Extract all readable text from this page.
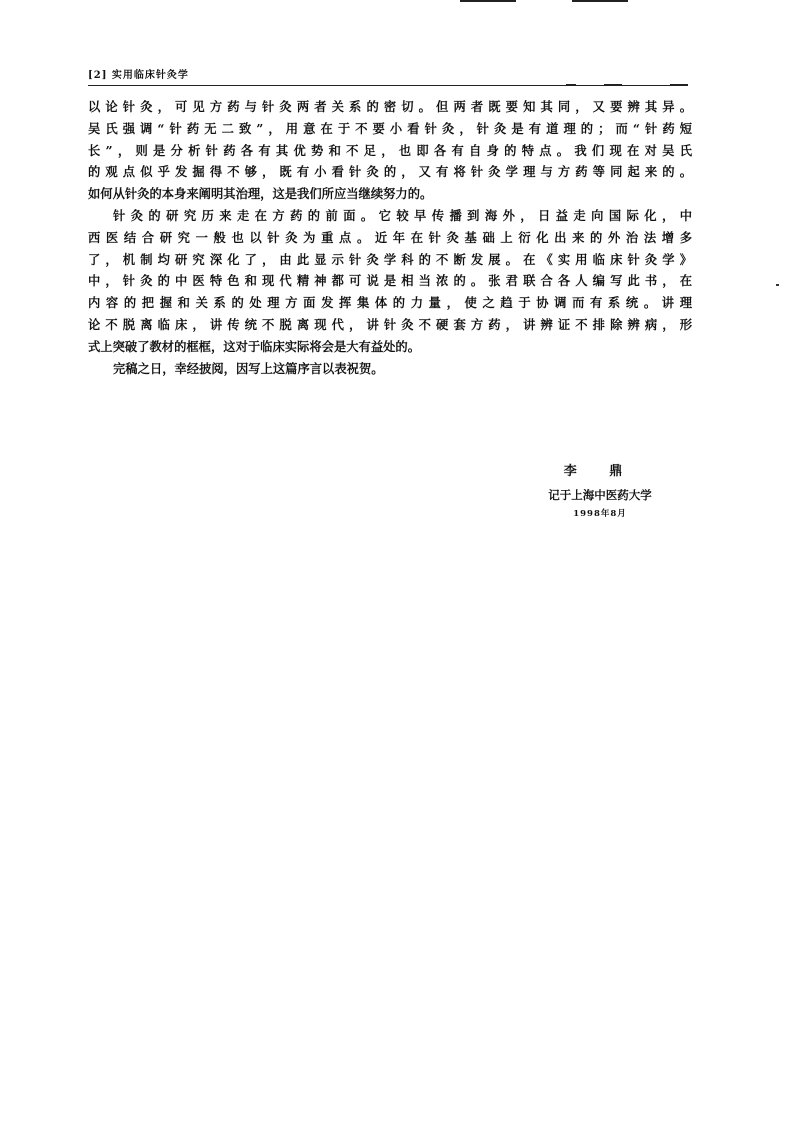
[2] 实用临床针灸学
以论针灸，可见方药与针灸两者关系的密切。但两者既要知其同，又要辨其异。
吴氏强调“针药无二致”，用意在于不要小看针灸，针灸是有道理的；而“针药短
长”，则是分析针药各有其优势和不足，也即各有自身的特点。我们现在对吴氏
的观点似乎发掘得不够，既有小看针灸的，又有将针灸学理与方药等同起来的。
如何从针灸的本身来阐明其治理，这是我们所应当继续努力的。
针灸的研究历来走在方药的前面。它较早传播到海外，日益走向国际化，中
西医结合研究一般也以针灸为重点。近年在针灸基础上衍化出来的外治法增多
了，机制均研究深化了，由此显示针灸学科的不断发展。在《实用临床针灸学》
中，针灸的中医特色和现代精神都可说是相当浓的。张君联合各人编写此书，在
内容的把握和关系的处理方面发挥集体的力量，使之趋于协调而有系统。讲理
论不脱离临床，讲传统不脱离现代，讲针灸不硬套方药，讲辨证不排除辨病，形
式上突破了教材的框框，这对于临床实际将会是大有益处的。
完稿之日，幸经披阅，因写上这篇序言以表祝贺。
李 鼎
记于上海中医药大学
1998年8月
